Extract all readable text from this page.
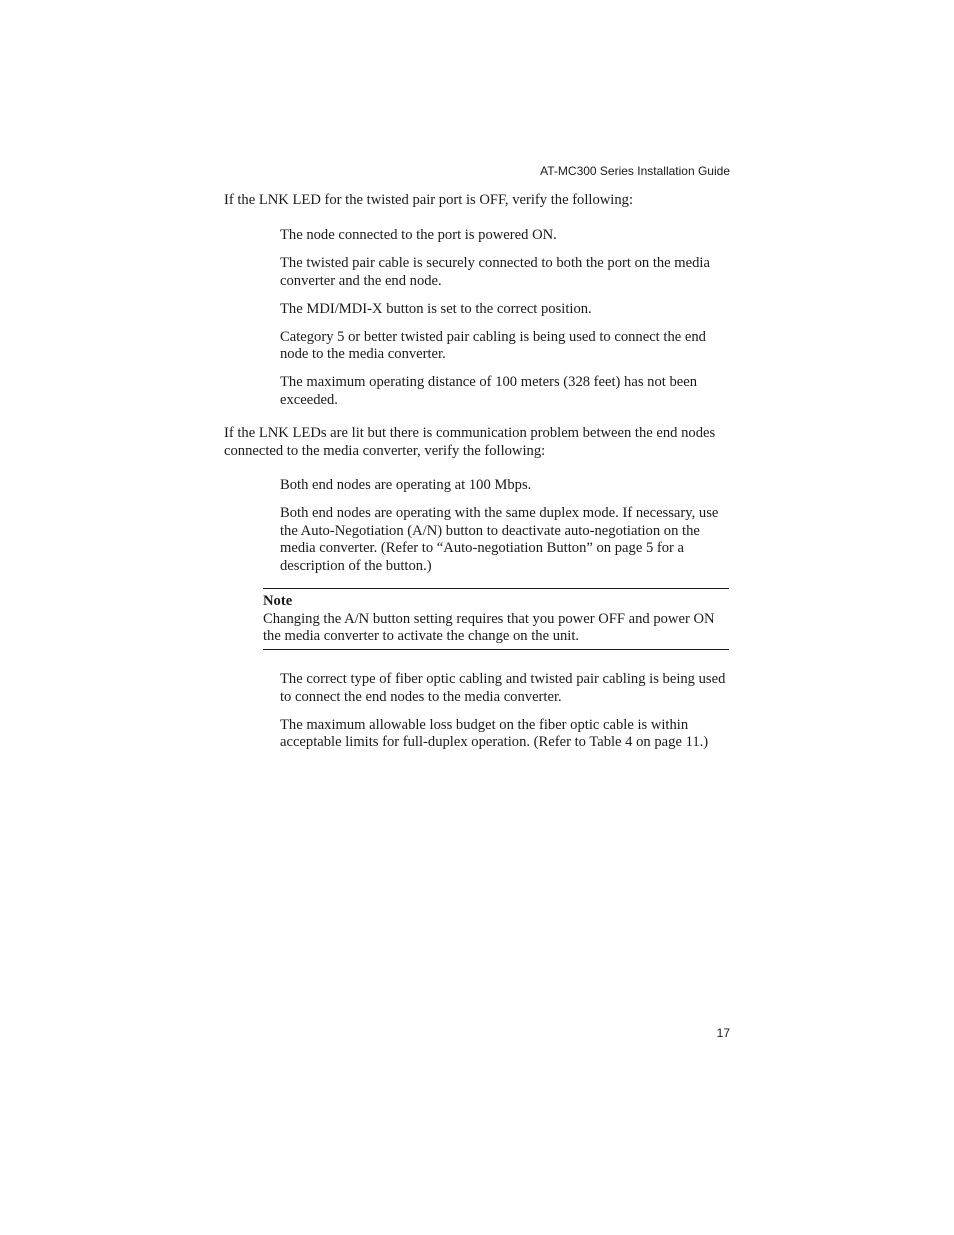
AT-MC300 Series Installation Guide

If the LNK LED for the twisted pair port is OFF, verify the following:

The node connected to the port is powered ON.
The twisted pair cable is securely connected to both the port on the media converter and the end node.
The MDI/MDI-X button is set to the correct position.
Category 5 or better twisted pair cabling is being used to connect the end node to the media converter.
The maximum operating distance of 100 meters (328 feet) has not been exceeded.

If the LNK LEDs are lit but there is communication problem between the end nodes connected to the media converter, verify the following:

Both end nodes are operating at 100 Mbps.
Both end nodes are operating with the same duplex mode. If necessary, use the Auto-Negotiation (A/N) button to deactivate auto-negotiation on the media converter. (Refer to “Auto-negotiation Button” on page 5 for a description of the button.)
Note
Changing the A/N button setting requires that you power OFF and power ON the media converter to activate the change on the unit.
The correct type of fiber optic cabling and twisted pair cabling is being used to connect the end nodes to the media converter.
The maximum allowable loss budget on the fiber optic cable is within acceptable limits for full-duplex operation. (Refer to Table 4 on page 11.)
17
